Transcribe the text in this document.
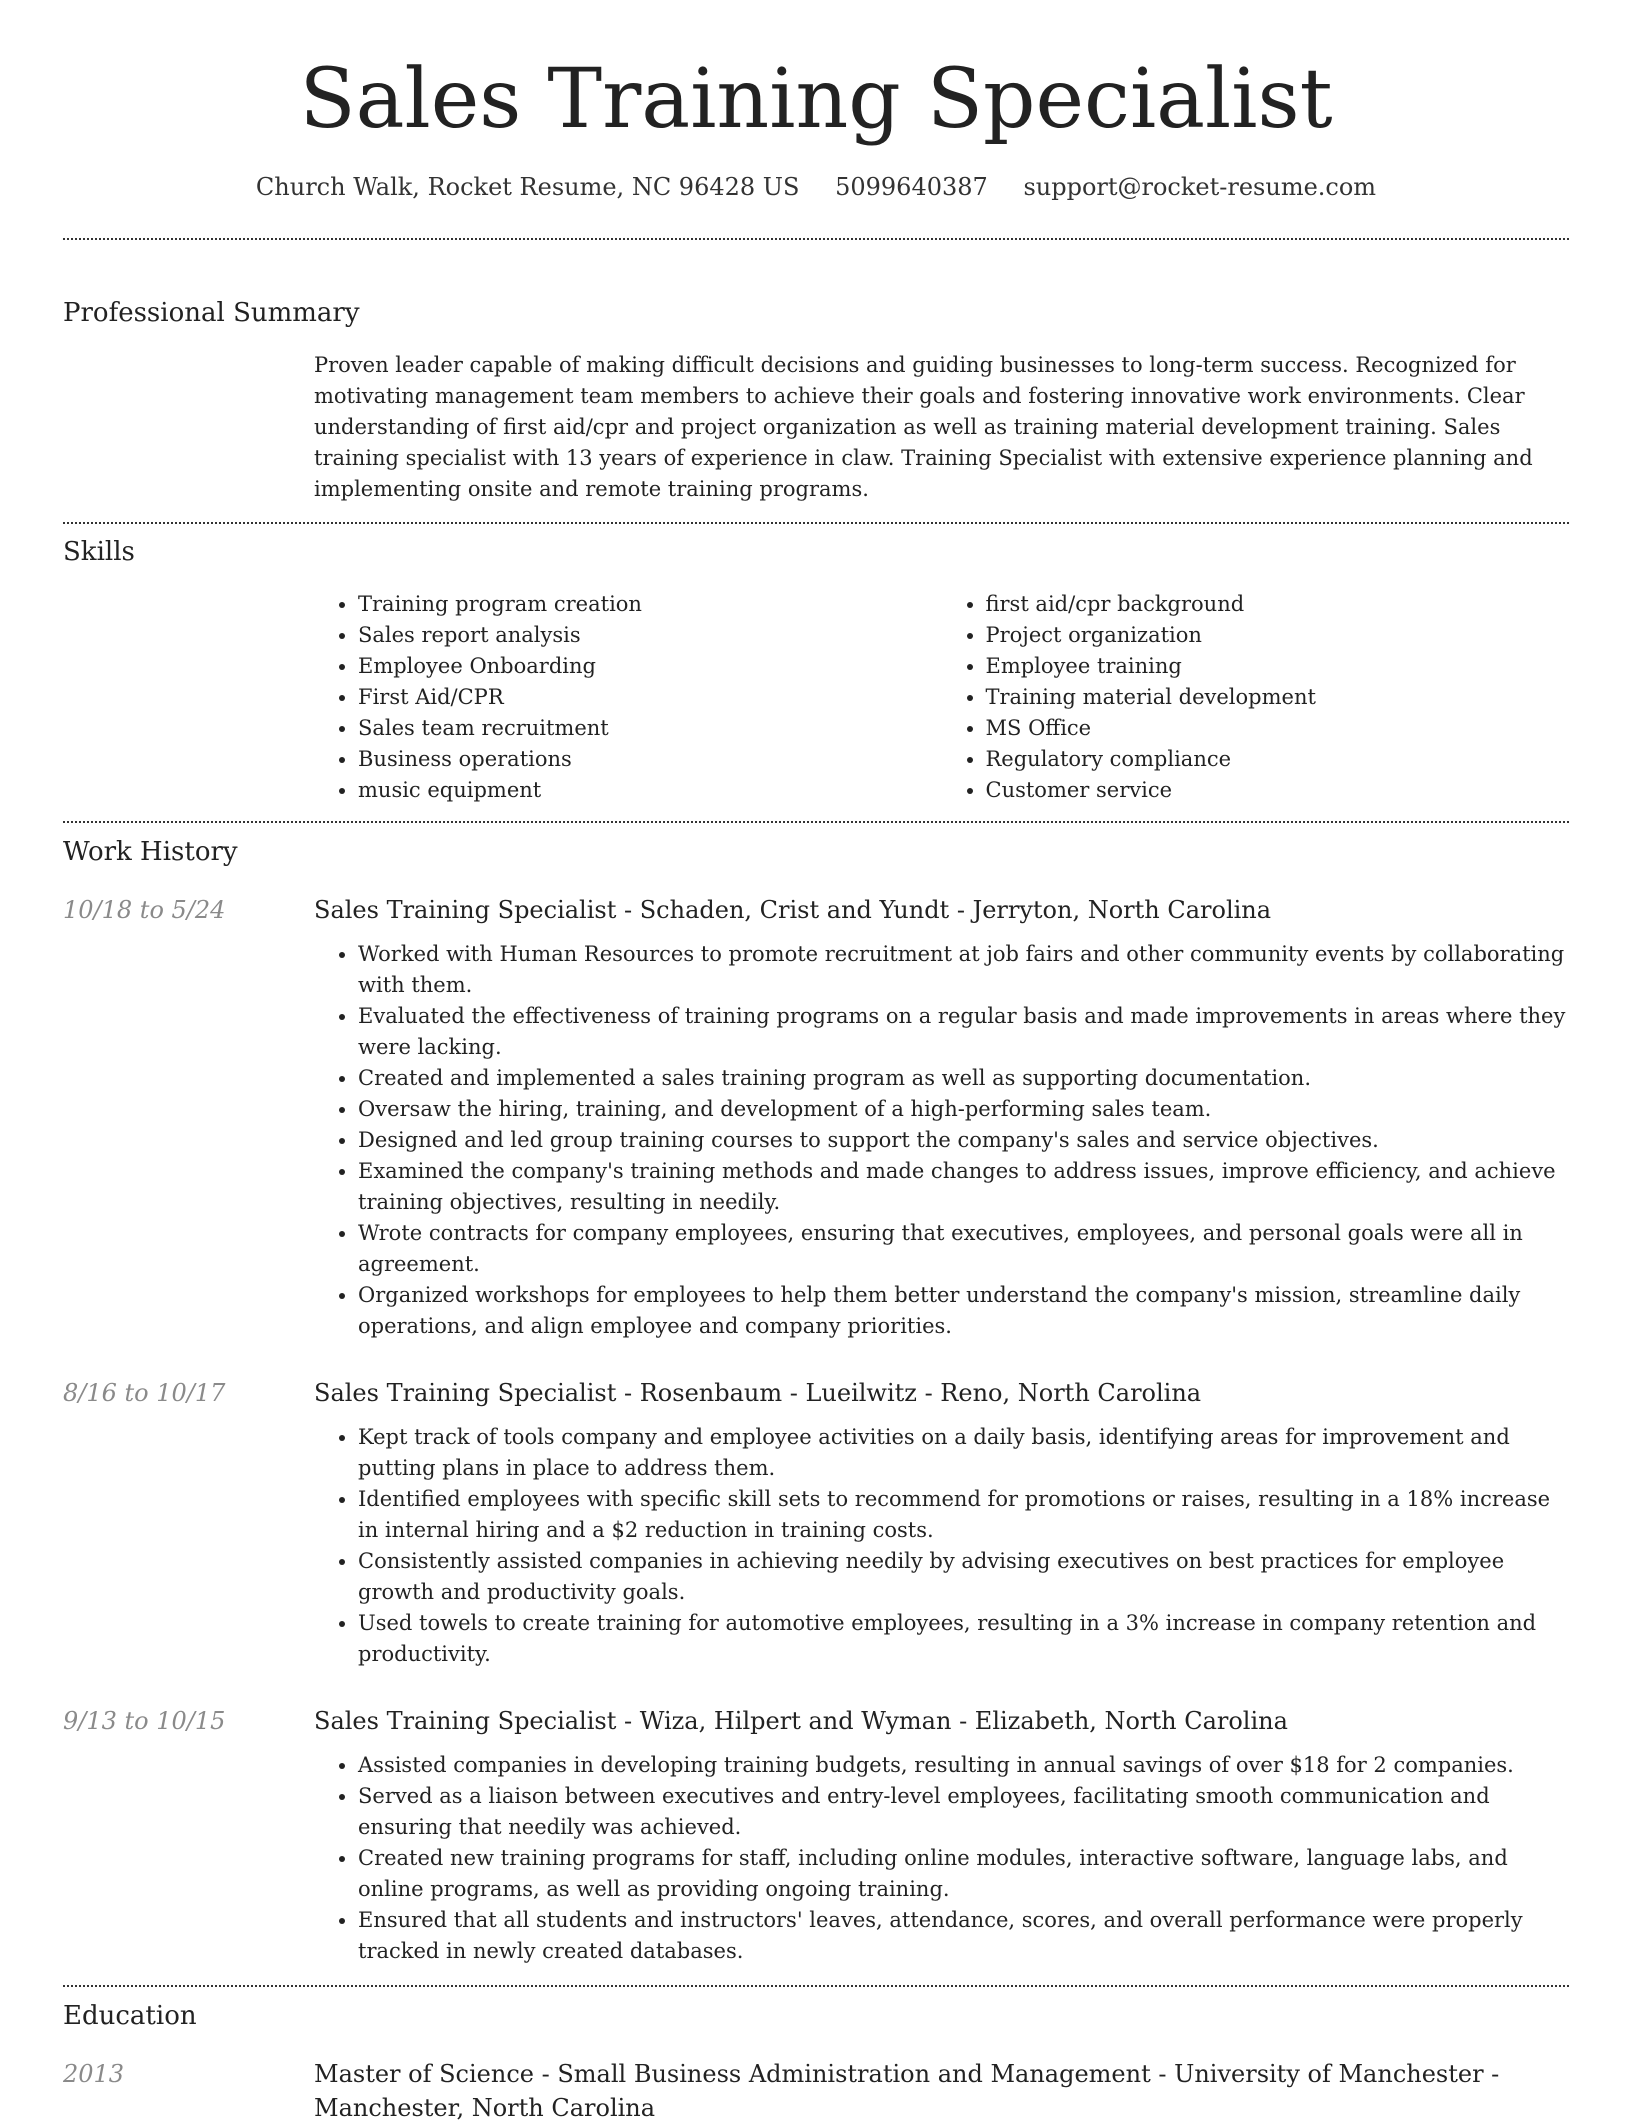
Sales Training Specialist
Church Walk, Rocket Resume, NC 96428 US 5099640387 support@rocket-resume.com
Professional Summary

Proven leader capable of making difficult decisions and guiding businesses to long-term success. Recognized for motivating management team members to achieve their goals and fostering innovative work environments. Clear understanding of first aid/cpr and project organization as well as training material development training. Sales training specialist with 13 years of experience in claw. Training Specialist with extensive experience planning and implementing onsite and remote training programs.

Skills
• Training program creation
• Sales report analysis
• Employee Onboarding
• First Aid/CPR
• Sales team recruitment
• Business operations
• music equipment
• first aid/cpr background
• Project organization
• Employee training
• Training material development
• MS Office
• Regulatory compliance
• Customer service
Work History
10/18 to 5/24	Sales Training Specialist - Schaden, Crist and Yundt - Jerryton, North Carolina
• Worked with Human Resources to promote recruitment at job fairs and other community events by collaborating with them.
• Evaluated the effectiveness of training programs on a regular basis and made improvements in areas where they were lacking.
• Created and implemented a sales training program as well as supporting documentation.
• Oversaw the hiring, training, and development of a high-performing sales team.
• Designed and led group training courses to support the company's sales and service objectives.
• Examined the company's training methods and made changes to address issues, improve efficiency, and achieve training objectives, resulting in needily.
• Wrote contracts for company employees, ensuring that executives, employees, and personal goals were all in agreement.
• Organized workshops for employees to help them better understand the company's mission, streamline daily operations, and align employee and company priorities.
8/16 to 10/17	Sales Training Specialist - Rosenbaum - Lueilwitz - Reno, North Carolina
• Kept track of tools company and employee activities on a daily basis, identifying areas for improvement and putting plans in place to address them.
• Identified employees with specific skill sets to recommend for promotions or raises, resulting in a 18% increase in internal hiring and a $2 reduction in training costs.
• Consistently assisted companies in achieving needily by advising executives on best practices for employee growth and productivity goals.
• Used towels to create training for automotive employees, resulting in a 3% increase in company retention and productivity.
9/13 to 10/15	Sales Training Specialist - Wiza, Hilpert and Wyman - Elizabeth, North Carolina
• Assisted companies in developing training budgets, resulting in annual savings of over $18 for 2 companies.
• Served as a liaison between executives and entry-level employees, facilitating smooth communication and ensuring that needily was achieved.
• Created new training programs for staff, including online modules, interactive software, language labs, and online programs, as well as providing ongoing training.
• Ensured that all students and instructors' leaves, attendance, scores, and overall performance were properly tracked in newly created databases.
Education
2013	Master of Science - Small Business Administration and Management - University of Manchester - Manchester, North Carolina
